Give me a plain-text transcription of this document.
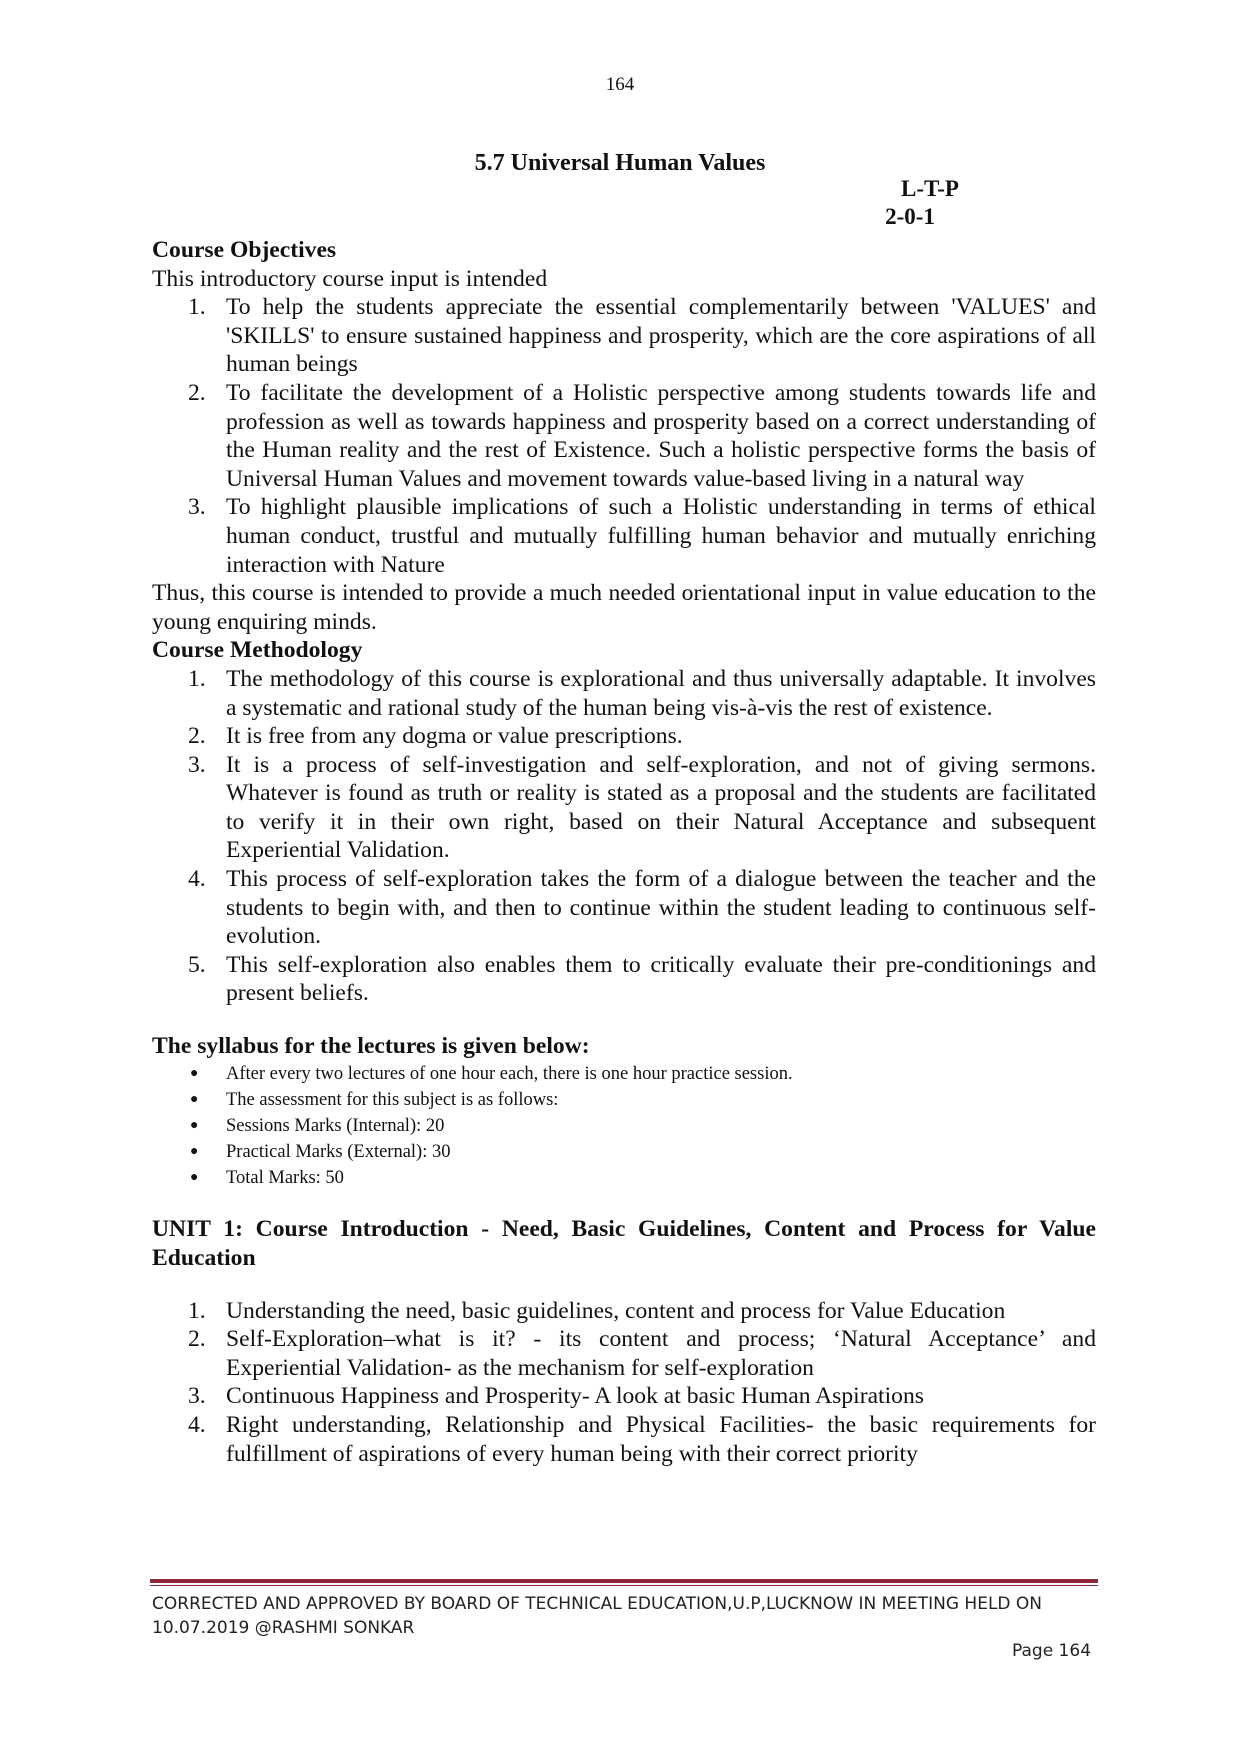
164
5.7 Universal Human Values
L-T-P
2-0-1
Course Objectives

This introductory course input is intended

1. To help the students appreciate the essential complementarily between 'VALUES' and 'SKILLS' to ensure sustained happiness and prosperity, which are the core aspirations of all human beings
2. To facilitate the development of a Holistic perspective among students towards life and profession as well as towards happiness and prosperity based on a correct understanding of the Human reality and the rest of Existence. Such a holistic perspective forms the basis of Universal Human Values and movement towards value-based living in a natural way
3. To highlight plausible implications of such a Holistic understanding in terms of ethical human conduct, trustful and mutually fulfilling human behavior and mutually enriching interaction with Nature

Thus, this course is intended to provide a much needed orientational input in value education to the young enquiring minds.

Course Methodology
1. The methodology of this course is explorational and thus universally adaptable. It involves a systematic and rational study of the human being vis-à-vis the rest of existence.
2. It is free from any dogma or value prescriptions.
3. It is a process of self-investigation and self-exploration, and not of giving sermons. Whatever is found as truth or reality is stated as a proposal and the students are facilitated to verify it in their own right, based on their Natural Acceptance and subsequent Experiential Validation.
4. This process of self-exploration takes the form of a dialogue between the teacher and the students to begin with, and then to continue within the student leading to continuous self-evolution.
5. This self-exploration also enables them to critically evaluate their pre-conditionings and present beliefs.
The syllabus for the lectures is given below:
● After every two lectures of one hour each, there is one hour practice session.
● The assessment for this subject is as follows:
● Sessions Marks (Internal): 20
● Practical Marks (External): 30
● Total Marks: 50
UNIT 1: Course Introduction - Need, Basic Guidelines, Content and Process for Value Education
1. Understanding the need, basic guidelines, content and process for Value Education
2. Self-Exploration–what is it? - its content and process; ‘Natural Acceptance’ and Experiential Validation- as the mechanism for self-exploration
3. Continuous Happiness and Prosperity- A look at basic Human Aspirations
4. Right understanding, Relationship and Physical Facilities- the basic requirements for fulfillment of aspirations of every human being with their correct priority
CORRECTED AND APPROVED BY BOARD OF TECHNICAL EDUCATION,U.P,LUCKNOW IN MEETING HELD ON 10.07.2019 @RASHMI SONKAR
Page 164
